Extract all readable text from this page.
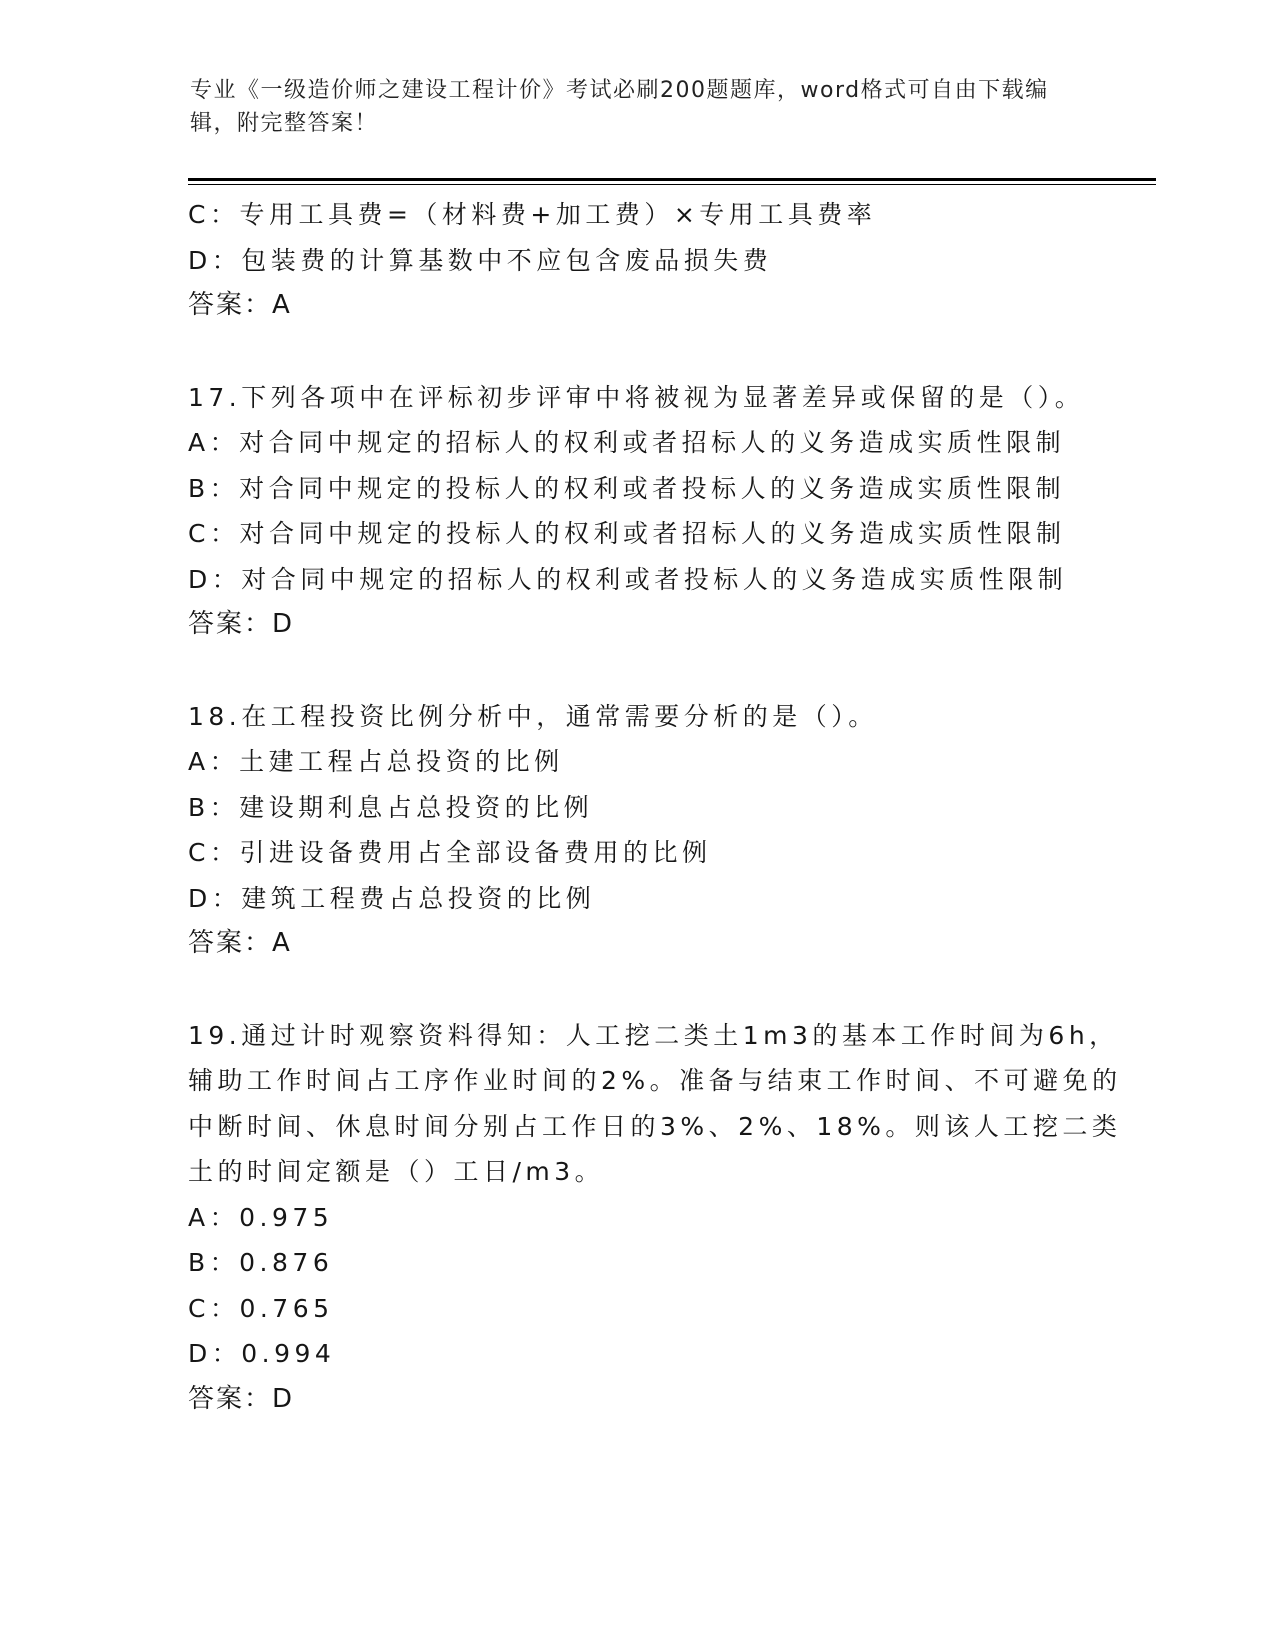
专业《一级造价师之建设工程计价》考试必刷200题题库，word格式可自由下载编辑，附完整答案！
C：专用工具费=（材料费+加工费）×专用工具费率
D：包装费的计算基数中不应包含废品损失费
答案：A
17.下列各项中在评标初步评审中将被视为显著差异或保留的是（）。
A：对合同中规定的招标人的权利或者招标人的义务造成实质性限制
B：对合同中规定的投标人的权利或者投标人的义务造成实质性限制
C：对合同中规定的投标人的权利或者招标人的义务造成实质性限制
D：对合同中规定的招标人的权利或者投标人的义务造成实质性限制
答案：D
18.在工程投资比例分析中，通常需要分析的是（）。
A：土建工程占总投资的比例
B：建设期利息占总投资的比例
C：引进设备费用占全部设备费用的比例
D：建筑工程费占总投资的比例
答案：A
19.通过计时观察资料得知：人工挖二类土1m3的基本工作时间为6h，辅助工作时间占工序作业时间的2%。准备与结束工作时间、不可避免的中断时间、休息时间分别占工作日的3%、2%、18%。则该人工挖二类土的时间定额是（）工日/m3。
A：0.975
B：0.876
C：0.765
D：0.994
答案：D
